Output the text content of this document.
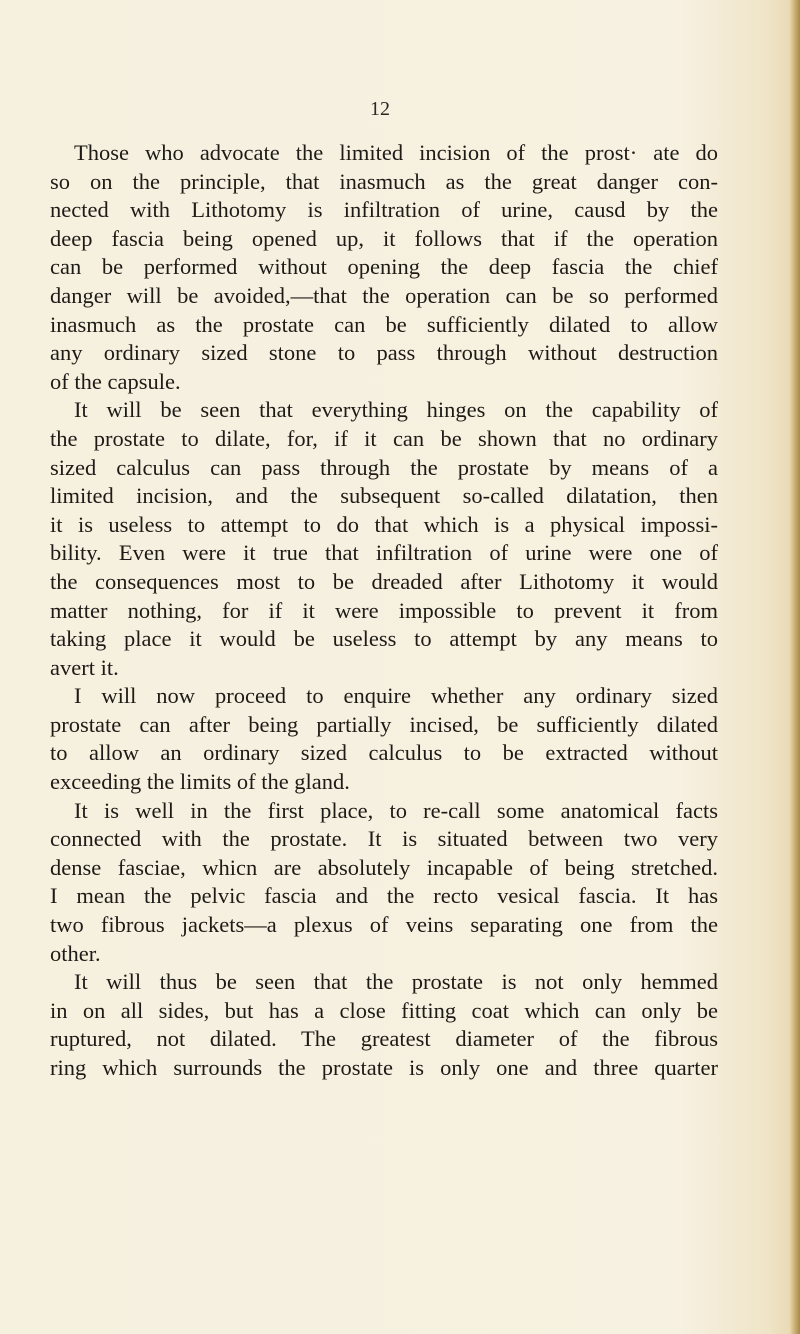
12
Those who advocate the limited incision of the prost· ate do
so on the principle, that inasmuch as the great danger con-
nected with Lithotomy is infiltration of urine, causd by the
deep fascia being opened up, it follows that if the operation
can be performed without opening the deep fascia the chief
danger will be avoided,—that the operation can be so performed
inasmuch as the prostate can be sufficiently dilated to allow
any ordinary sized stone to pass through without destruction
of the capsule.
It will be seen that everything hinges on the capability of
the prostate to dilate, for, if it can be shown that no ordinary
sized calculus can pass through the prostate by means of a
limited incision, and the subsequent so-called dilatation, then
it is useless to attempt to do that which is a physical impossi-
bility. Even were it true that infiltration of urine were one of
the consequences most to be dreaded after Lithotomy it would
matter nothing, for if it were impossible to prevent it from
taking place it would be useless to attempt by any means to
avert it.
I will now proceed to enquire whether any ordinary sized
prostate can after being partially incised, be sufficiently dilated
to allow an ordinary sized calculus to be extracted without
exceeding the limits of the gland.
It is well in the first place, to re-call some anatomical facts
connected with the prostate. It is situated between two very
dense fasciae, whicn are absolutely incapable of being stretched.
I mean the pelvic fascia and the recto vesical fascia. It has
two fibrous jackets—a plexus of veins separating one from the
other.
It will thus be seen that the prostate is not only hemmed
in on all sides, but has a close fitting coat which can only be
ruptured, not dilated. The greatest diameter of the fibrous
ring which surrounds the prostate is only one and three quarter
